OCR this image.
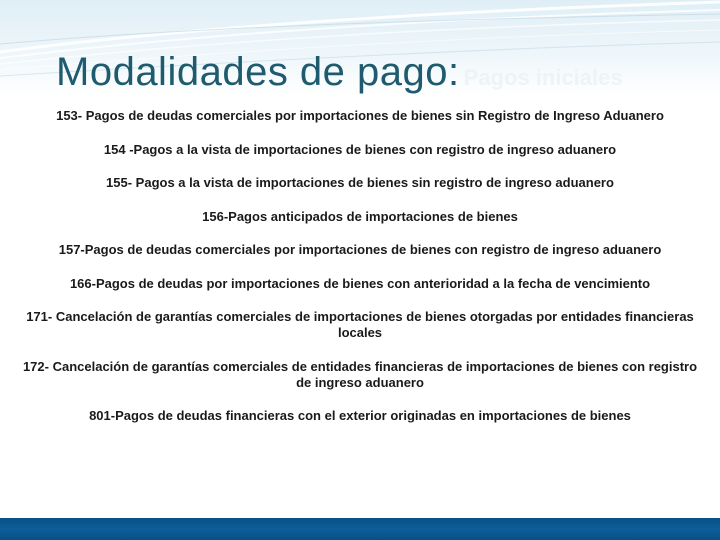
Modalidades de pago: Pagos iniciales
153- Pagos de deudas comerciales por importaciones de bienes sin Registro de Ingreso Aduanero
154 -Pagos a la vista de importaciones de bienes con registro de ingreso aduanero
155- Pagos a la vista de importaciones de bienes sin registro de ingreso aduanero
156-Pagos anticipados de importaciones de bienes
157-Pagos de deudas comerciales por importaciones de bienes con registro de ingreso aduanero
166-Pagos de deudas por importaciones de bienes con anterioridad a la fecha de vencimiento
171- Cancelación de garantías comerciales de importaciones de bienes otorgadas por entidades financieras locales
172- Cancelación de garantías comerciales de entidades financieras de importaciones de bienes con registro de ingreso aduanero
801-Pagos de deudas financieras con el exterior originadas en importaciones de bienes
